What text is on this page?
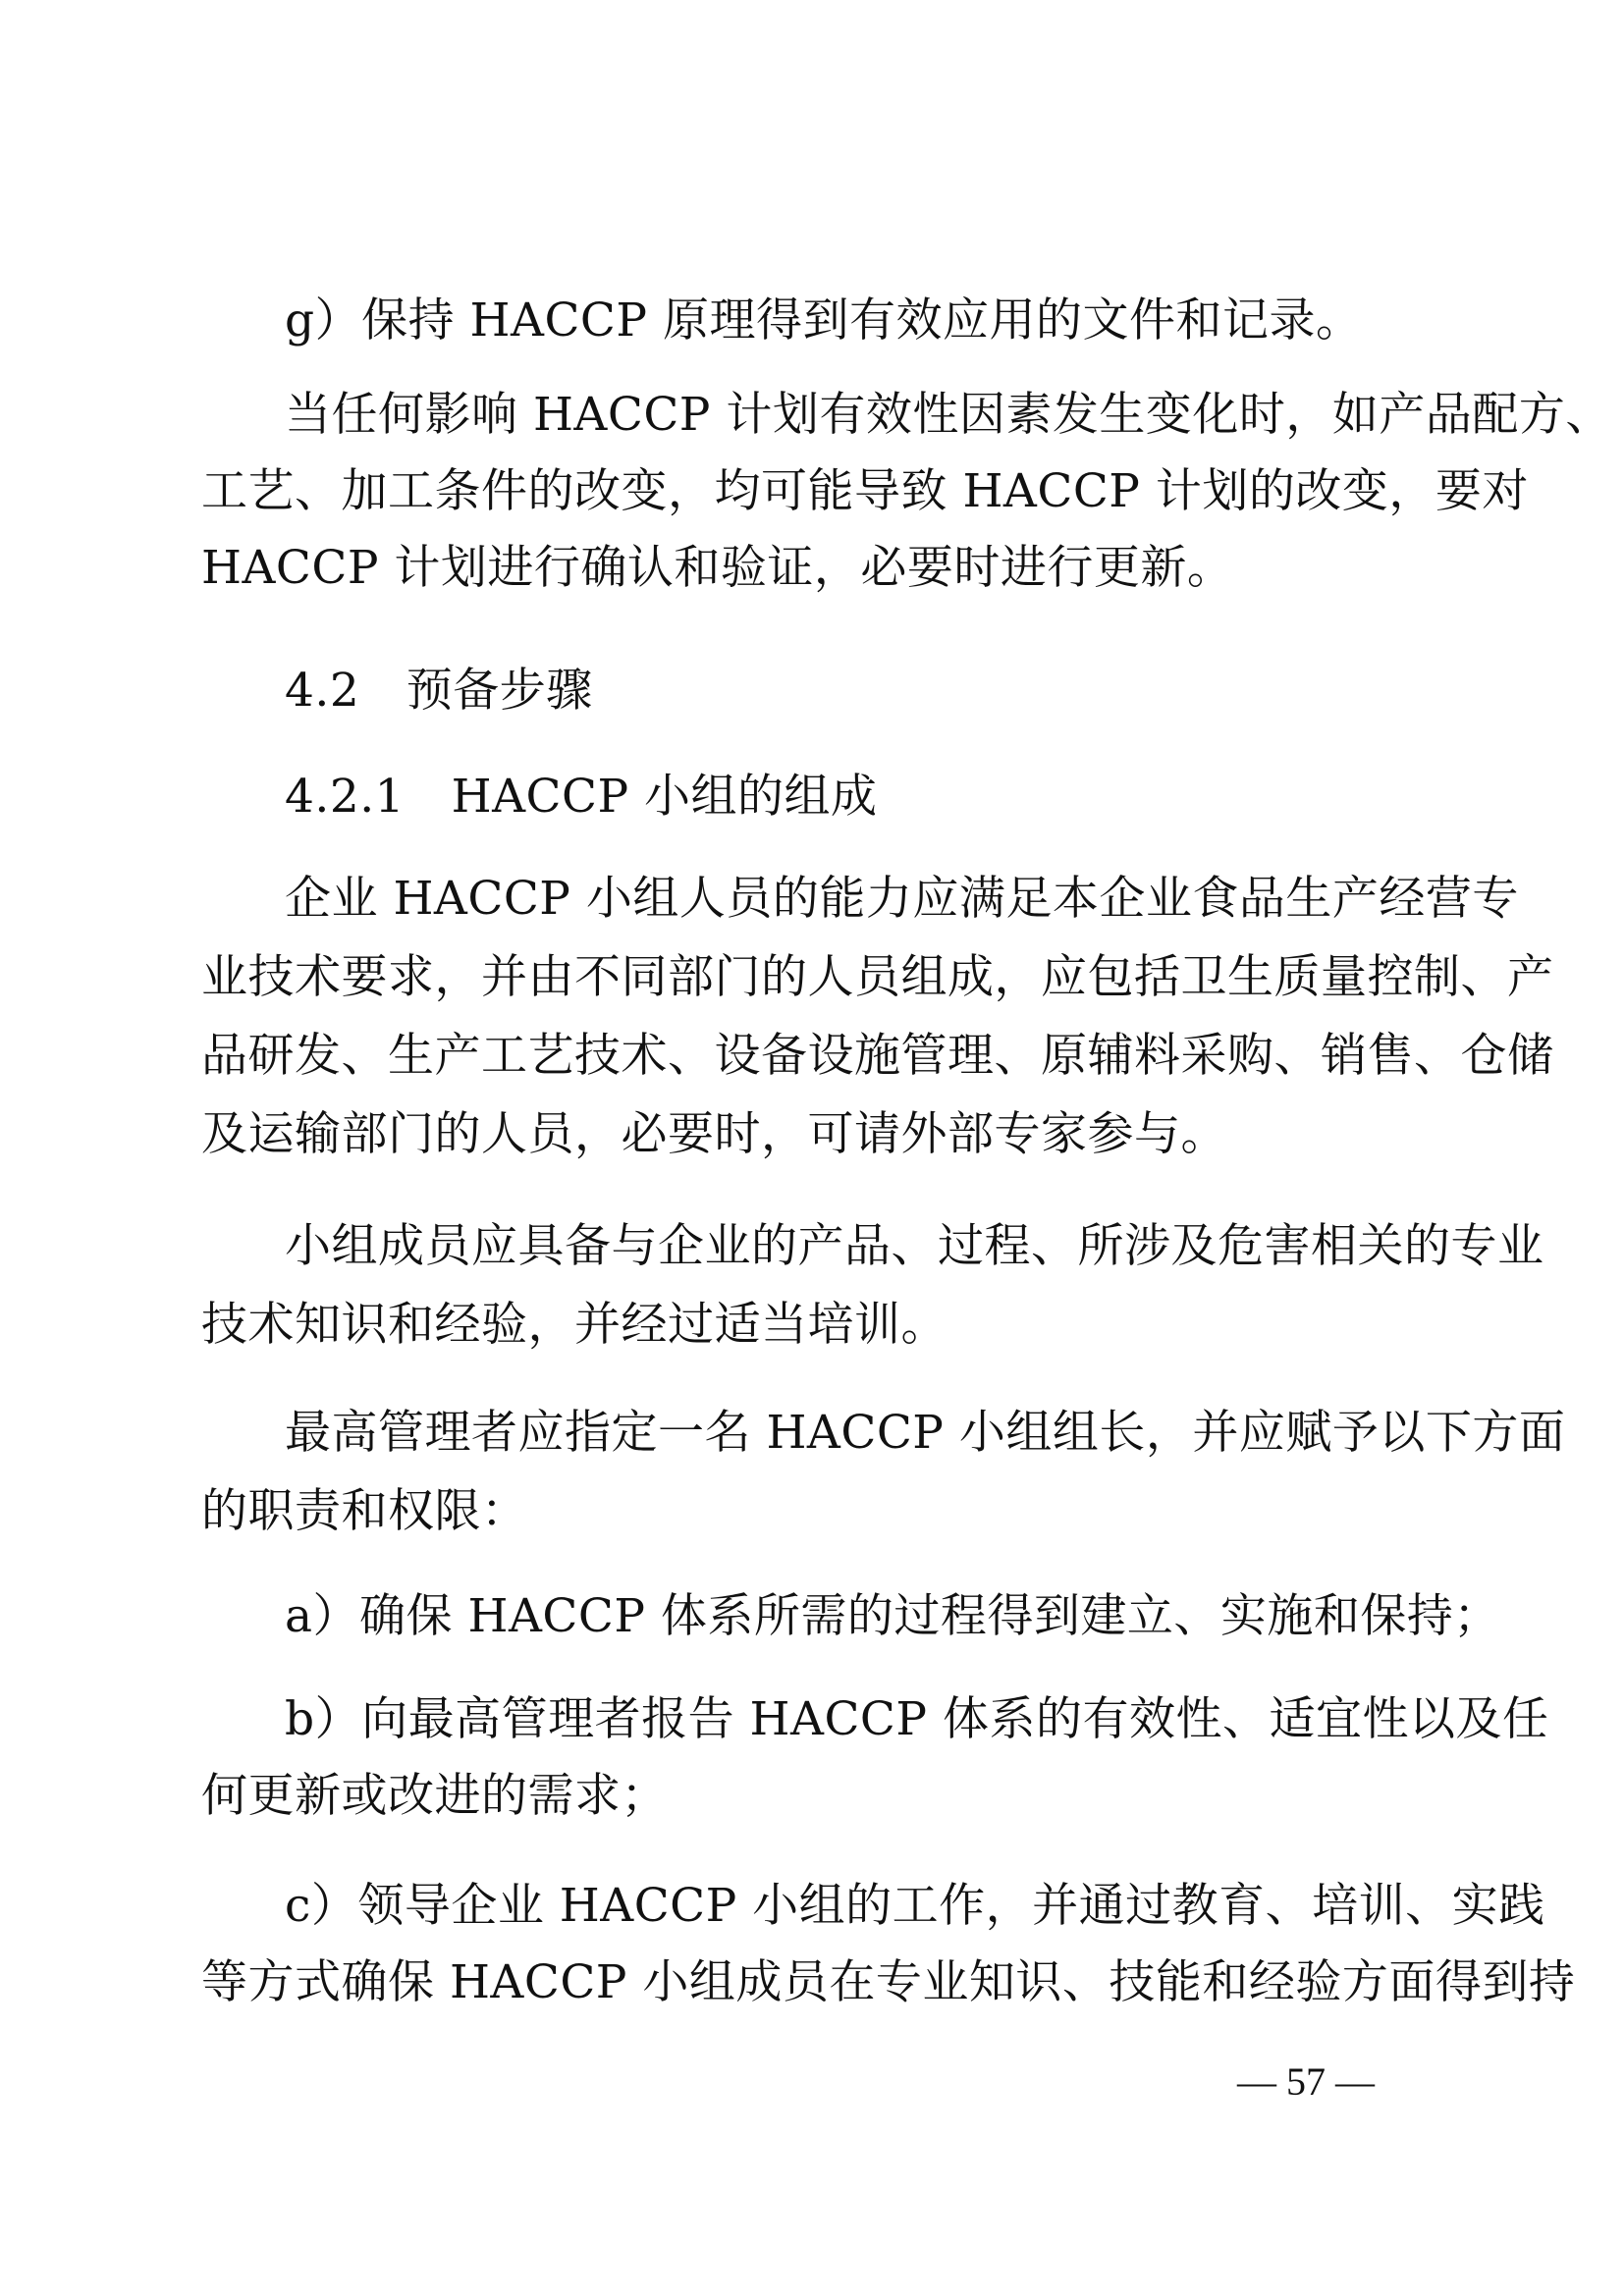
g）保持 HACCP 原理得到有效应用的文件和记录。
当任何影响 HACCP 计划有效性因素发生变化时，如产品配方、
工艺、加工条件的改变，均可能导致 HACCP 计划的改变，要对
HACCP 计划进行确认和验证，必要时进行更新。
4.2　预备步骤
4.2.1　HACCP 小组的组成
企业 HACCP 小组人员的能力应满足本企业食品生产经营专
业技术要求，并由不同部门的人员组成，应包括卫生质量控制、产
品研发、生产工艺技术、设备设施管理、原辅料采购、销售、仓储
及运输部门的人员，必要时，可请外部专家参与。
小组成员应具备与企业的产品、过程、所涉及危害相关的专业
技术知识和经验，并经过适当培训。
最高管理者应指定一名 HACCP 小组组长，并应赋予以下方面
的职责和权限：
a）确保 HACCP 体系所需的过程得到建立、实施和保持；
b）向最高管理者报告 HACCP 体系的有效性、适宜性以及任
何更新或改进的需求；
c）领导企业 HACCP 小组的工作，并通过教育、培训、实践
等方式确保 HACCP 小组成员在专业知识、技能和经验方面得到持
— 57 —
